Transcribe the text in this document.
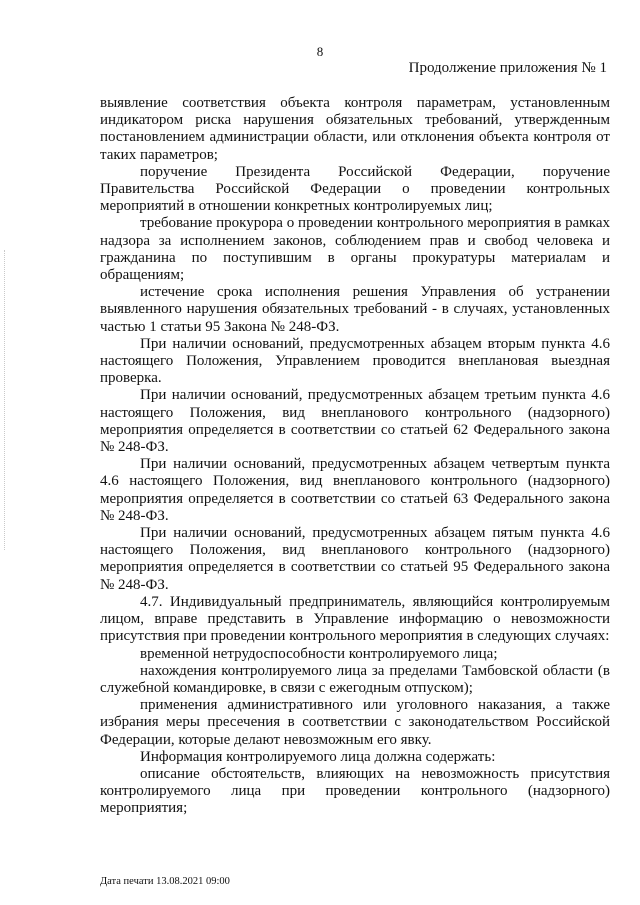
8
Продолжение приложения № 1

выявление соответствия объекта контроля параметрам, установленным индикатором риска нарушения обязательных требований, утвержденным постановлением администрации области, или отклонения объекта контроля от таких параметров;

поручение Президента Российской Федерации, поручение Правительства Российской Федерации о проведении контрольных мероприятий в отношении конкретных контролируемых лиц;

требование прокурора о проведении контрольного мероприятия в рамках надзора за исполнением законов, соблюдением прав и свобод человека и гражданина по поступившим в органы прокуратуры материалам и обращениям;

истечение срока исполнения решения Управления об устранении выявленного нарушения обязательных требований - в случаях, установленных частью 1 статьи 95 Закона № 248-ФЗ.

При наличии оснований, предусмотренных абзацем вторым пункта 4.6 настоящего Положения, Управлением проводится внеплановая выездная проверка.

При наличии оснований, предусмотренных абзацем третьим пункта 4.6 настоящего Положения, вид внепланового контрольного (надзорного) мероприятия определяется в соответствии со статьей 62 Федерального закона № 248-ФЗ.

При наличии оснований, предусмотренных абзацем четвертым пункта 4.6 настоящего Положения, вид внепланового контрольного (надзорного) мероприятия определяется в соответствии со статьей 63 Федерального закона № 248-ФЗ.

При наличии оснований, предусмотренных абзацем пятым пункта 4.6 настоящего Положения, вид внепланового контрольного (надзорного) мероприятия определяется в соответствии со статьей 95 Федерального закона № 248-ФЗ.

4.7. Индивидуальный предприниматель, являющийся контролируемым лицом, вправе представить в Управление информацию о невозможности присутствия при проведении контрольного мероприятия в следующих случаях:

временной нетрудоспособности контролируемого лица;

нахождения контролируемого лица за пределами Тамбовской области (в служебной командировке, в связи с ежегодным отпуском);

применения административного или уголовного наказания, а также избрания меры пресечения в соответствии с законодательством Российской Федерации, которые делают невозможным его явку.

Информация контролируемого лица должна содержать:

описание обстоятельств, влияющих на невозможность присутствия контролируемого лица при проведении контрольного (надзорного) мероприятия;

Дата печати 13.08.2021 09:00
